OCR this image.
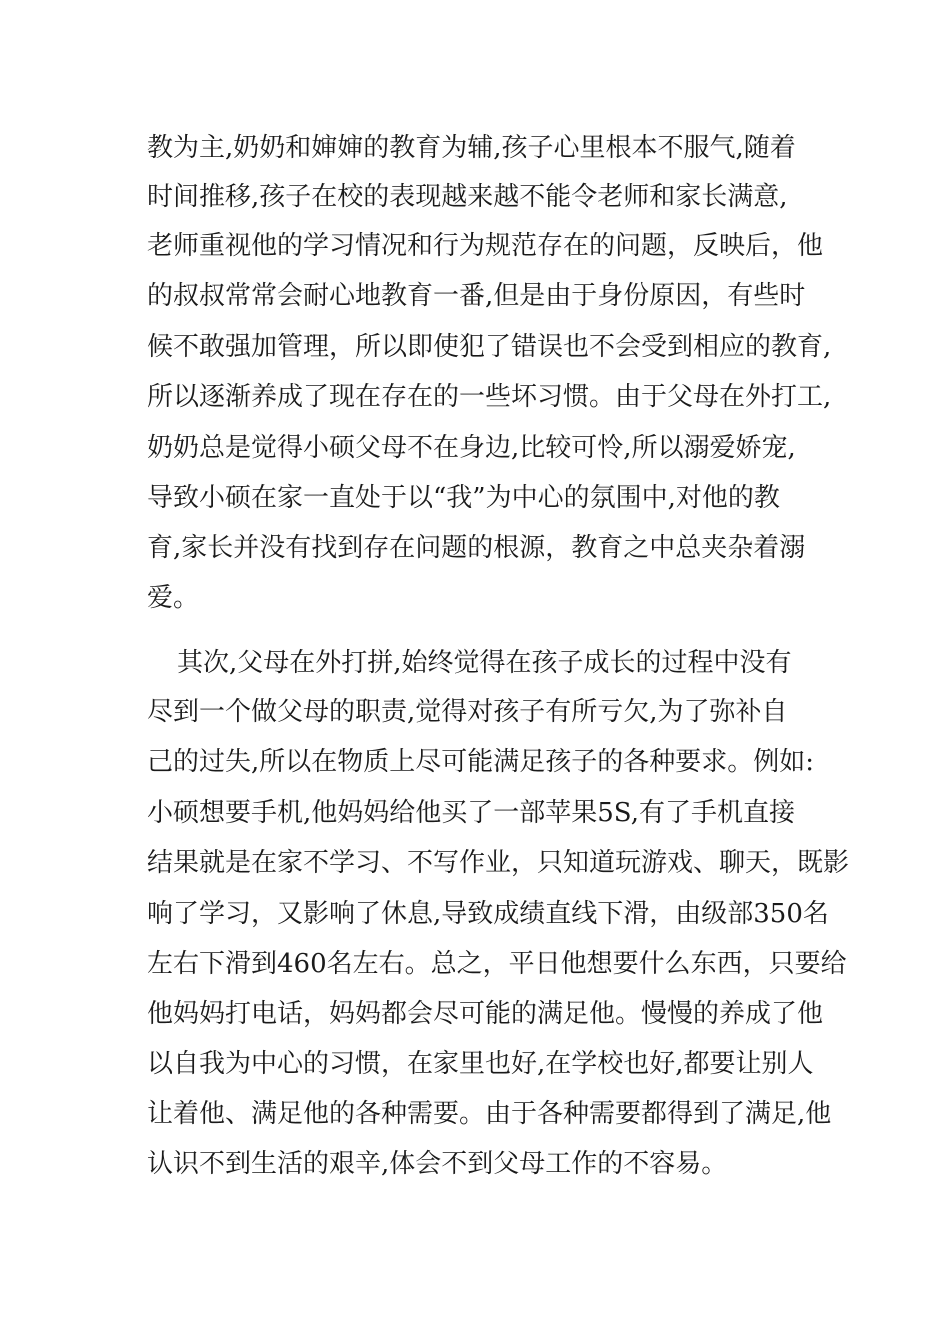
教为主,奶奶和婶婶的教育为辅,孩子心里根本不服气,随着
时间推移,孩子在校的表现越来越不能令老师和家长满意,
老师重视他的学习情况和行为规范存在的问题，反映后，他
的叔叔常常会耐心地教育一番,但是由于身份原因，有些时
候不敢强加管理，所以即使犯了错误也不会受到相应的教育,
所以逐渐养成了现在存在的一些坏习惯。由于父母在外打工,
奶奶总是觉得小硕父母不在身边,比较可怜,所以溺爱娇宠,
导致小硕在家一直处于以“我”为中心的氛围中,对他的教
育,家长并没有找到存在问题的根源，教育之中总夹杂着溺
爱。
其次,父母在外打拼,始终觉得在孩子成长的过程中没有
尽到一个做父母的职责,觉得对孩子有所亏欠,为了弥补自
己的过失,所以在物质上尽可能满足孩子的各种要求。例如:
小硕想要手机,他妈妈给他买了一部苹果5S,有了手机直接
结果就是在家不学习、不写作业，只知道玩游戏、聊天，既影
响了学习，又影响了休息,导致成绩直线下滑，由级部350名
左右下滑到460名左右。总之，平日他想要什么东西，只要给
他妈妈打电话，妈妈都会尽可能的满足他。慢慢的养成了他
以自我为中心的习惯，在家里也好,在学校也好,都要让别人
让着他、满足他的各种需要。由于各种需要都得到了满足,他
认识不到生活的艰辛,体会不到父母工作的不容易。
